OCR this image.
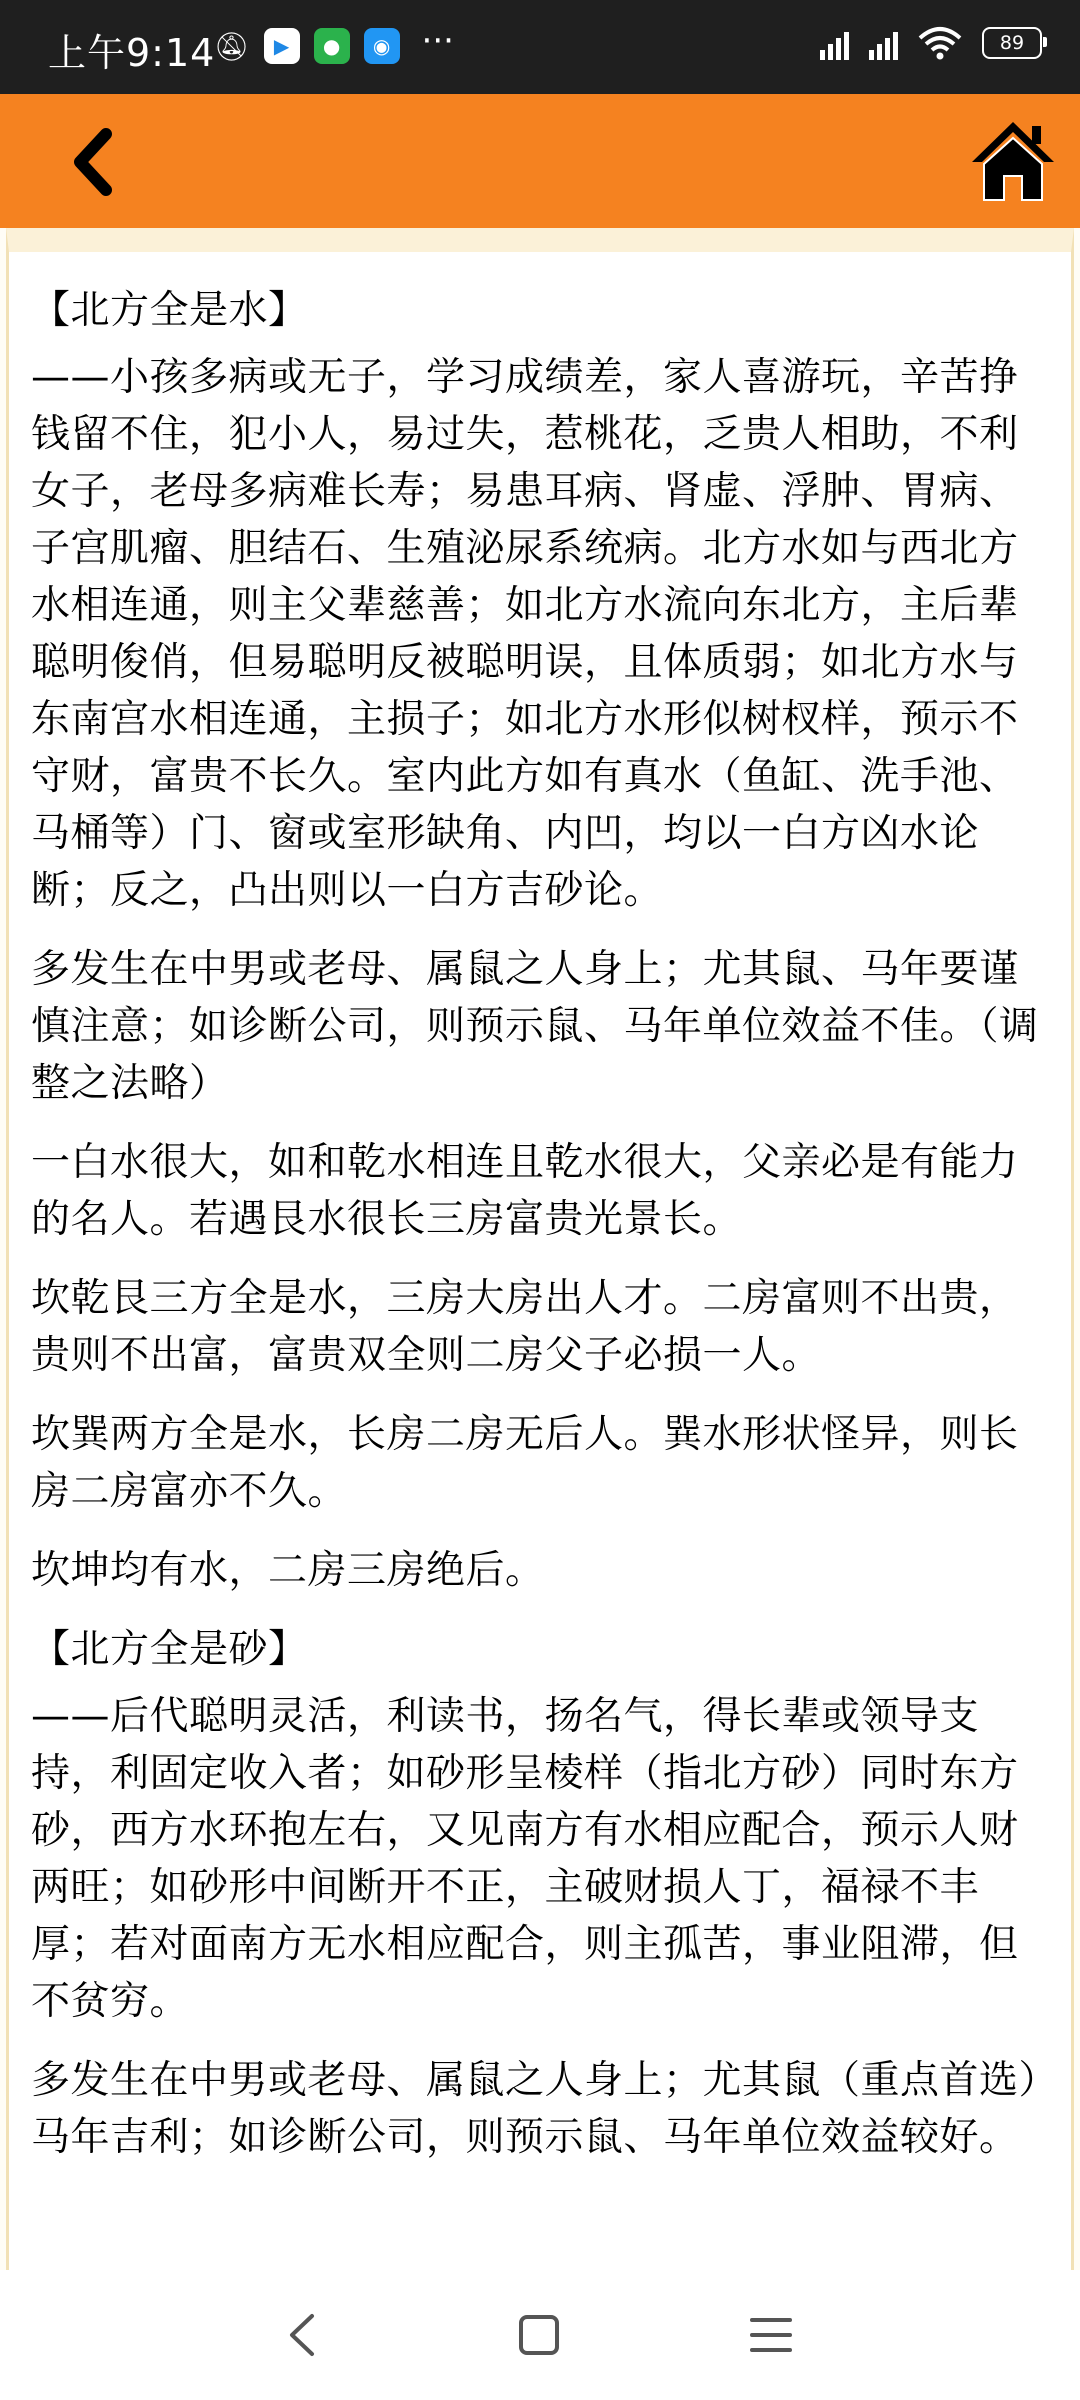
上午9:14
🔕︎	▶	●	◉ ···	89

【北方全是水】

——小孩多病或无子，学习成绩差，家人喜游玩，辛苦挣钱留不住，犯小人，易过失，惹桃花，乏贵人相助，不利女子，老母多病难长寿；易患耳病、肾虚、浮肿、胃病、子宫肌瘤、胆结石、生殖泌尿系统病。北方水如与西北方水相连通，则主父辈慈善；如北方水流向东北方，主后辈聪明俊俏，但易聪明反被聪明误，且体质弱；如北方水与东南宫水相连通，主损子；如北方水形似树杈样，预示不守财，富贵不长久。室内此方如有真水（鱼缸、洗手池、马桶等）门、窗或室形缺角、内凹，均以一白方凶水论断；反之，凸出则以一白方吉砂论。

多发生在中男或老母、属鼠之人身上；尤其鼠、马年要谨慎注意；如诊断公司，则预示鼠、马年单位效益不佳。（调整之法略）

一白水很大，如和乾水相连且乾水很大，父亲必是有能力的名人。若遇艮水很长三房富贵光景长。

坎乾艮三方全是水，三房大房出人才。二房富则不出贵，贵则不出富，富贵双全则二房父子必损一人。

坎巽两方全是水，长房二房无后人。巽水形状怪异，则长房二房富亦不久。

坎坤均有水，二房三房绝后。

【北方全是砂】

——后代聪明灵活，利读书，扬名气，得长辈或领导支持，利固定收入者；如砂形呈棱样（指北方砂）同时东方砂，西方水环抱左右，又见南方有水相应配合，预示人财两旺；如砂形中间断开不正，主破财损人丁，福禄不丰厚；若对面南方无水相应配合，则主孤苦，事业阻滞，但不贫穷。

多发生在中男或老母、属鼠之人身上；尤其鼠（重点首选）马年吉利；如诊断公司，则预示鼠、马年单位效益较好。
